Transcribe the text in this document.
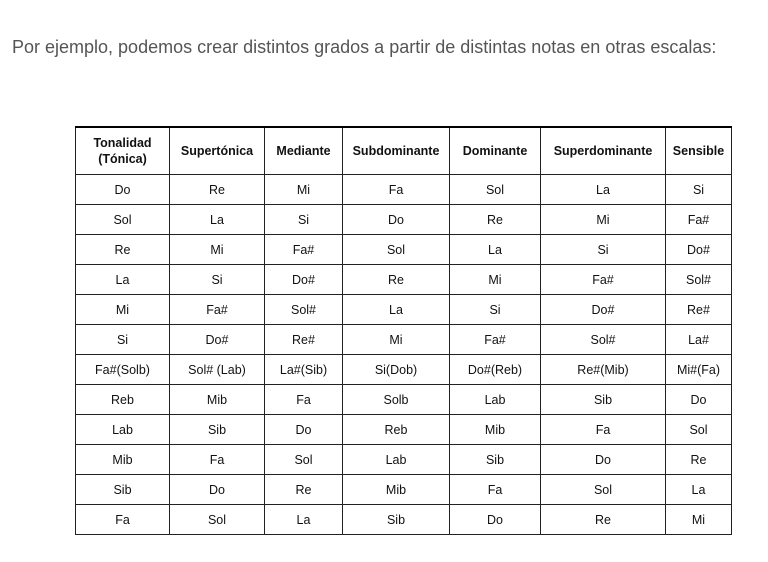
Por ejemplo, podemos crear distintos grados a partir de distintas notas en otras escalas:

Tonalidad
(Tónica)	Supertónica	Mediante	Subdominante	Dominante	Superdominante	Sensible
Do	Re	Mi	Fa	Sol	La	Si
Sol	La	Si	Do	Re	Mi	Fa#
Re	Mi	Fa#	Sol	La	Si	Do#
La	Si	Do#	Re	Mi	Fa#	Sol#
Mi	Fa#	Sol#	La	Si	Do#	Re#
Si	Do#	Re#	Mi	Fa#	Sol#	La#
Fa#(Solb)	Sol# (Lab)	La#(Sib)	Si(Dob)	Do#(Reb)	Re#(Mib)	Mi#(Fa)
Reb	Mib	Fa	Solb	Lab	Sib	Do
Lab	Sib	Do	Reb	Mib	Fa	Sol
Mib	Fa	Sol	Lab	Sib	Do	Re
Sib	Do	Re	Mib	Fa	Sol	La
Fa	Sol	La	Sib	Do	Re	Mi
